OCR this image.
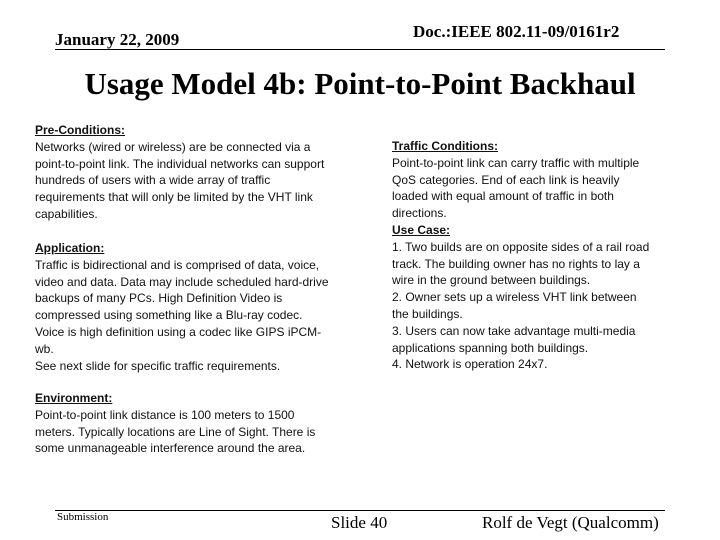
January 22, 2009	Doc.:IEEE 802.11-09/0161r2
Usage Model 4b: Point-to-Point Backhaul
Pre-Conditions:
Networks (wired or wireless) are be connected via a
point-to-point link. The individual networks can support
hundreds of users with a wide array of traffic
requirements that will only be limited by the VHT link
capabilities.
Application:
Traffic is bidirectional and is comprised of data, voice,
video and data. Data may include scheduled hard-drive
backups of many PCs. High Definition Video is
compressed using something like a Blu-ray codec.
Voice is high definition using a codec like GIPS iPCM-
wb.
See next slide for specific traffic requirements.
Environment:
Point-to-point link distance is 100 meters to 1500
meters. Typically locations are Line of Sight. There is
some unmanageable interference around the area.
Traffic Conditions:
Point-to-point link can carry traffic with multiple
QoS categories. End of each link is heavily
loaded with equal amount of traffic in both
directions.
Use Case:
1. Two builds are on opposite sides of a rail road
track. The building owner has no rights to lay a
wire in the ground between buildings.
2. Owner sets up a wireless VHT link between
the buildings.
3. Users can now take advantage multi-media
applications spanning both buildings.
4. Network is operation 24x7.
Submission	Slide 40	Rolf de Vegt (Qualcomm)
